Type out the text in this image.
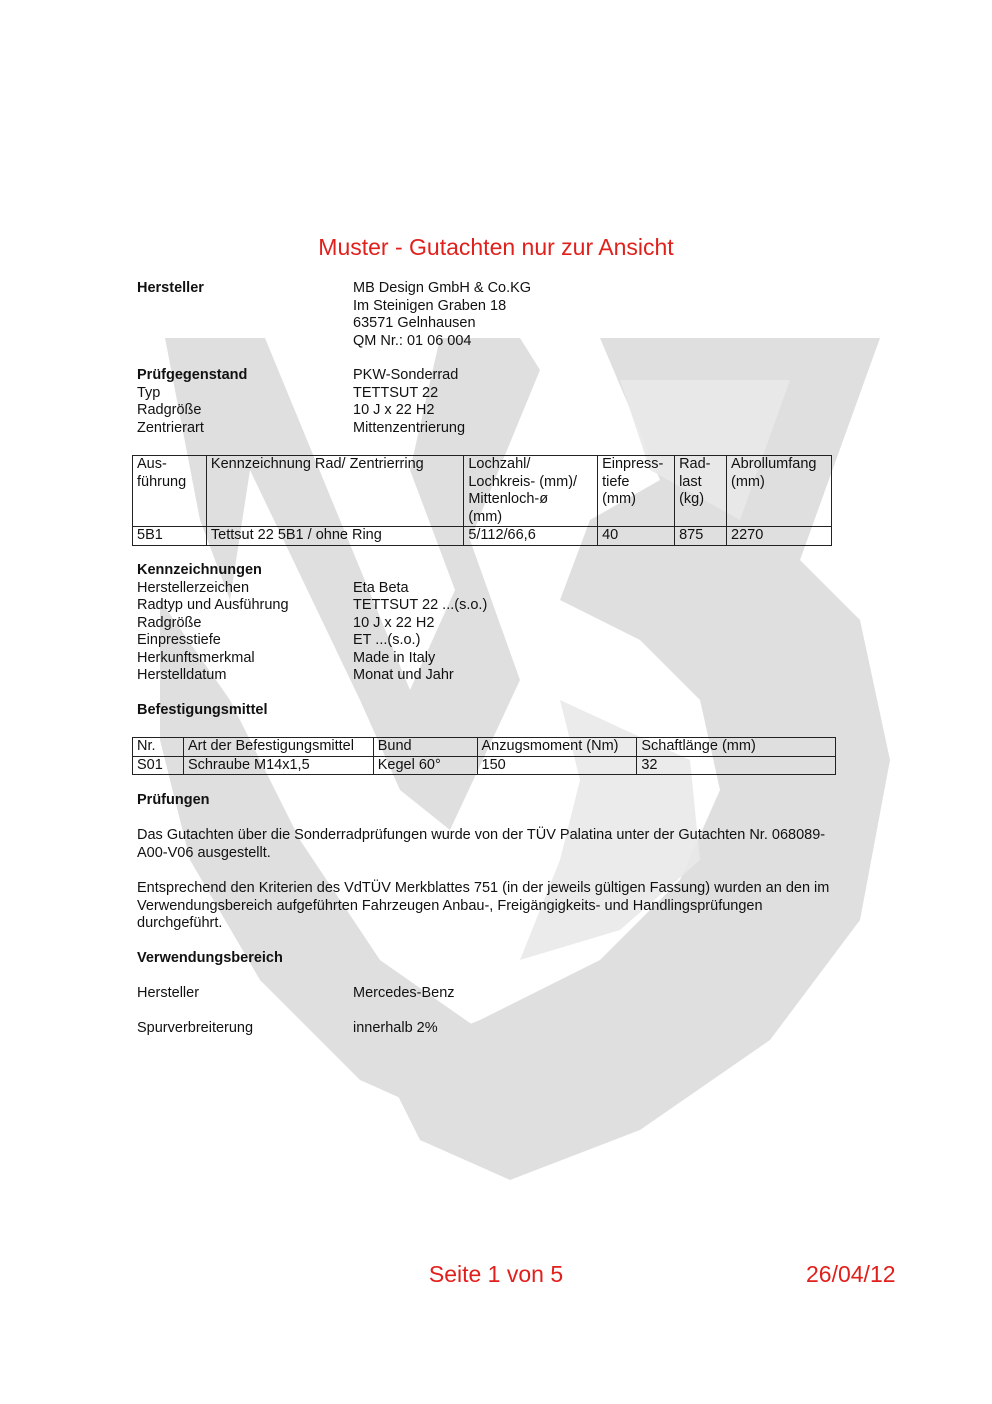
Muster - Gutachten nur zur Ansicht
Hersteller	MB Design GmbH & Co.KG
Im Steinigen Graben 18
63571 Gelnhausen
QM Nr.: 01 06 004
Prüfgegenstand	PKW-Sonderrad
Typ	TETTSUT 22
Radgröße	10 J x 22 H2
Zentrierart	Mittenzentrierung
Aus-
führung	Kennzeichnung Rad/ Zentrierring	Lochzahl/
Lochkreis- (mm)/
Mittenloch-ø
(mm)	Einpress-
tiefe
(mm)	Rad-
last
(kg)	Abrollumfang
(mm)
5B1	Tettsut 22 5B1 / ohne Ring	5/112/66,6	40	875	2270
Kennzeichnungen
Herstellerzeichen	Eta Beta
Radtyp und Ausführung	TETTSUT 22 ...(s.o.)
Radgröße	10 J x 22 H2
Einpresstiefe	ET ...(s.o.)
Herkunftsmerkmal	Made in Italy
Herstelldatum	Monat und Jahr
Befestigungsmittel
Nr.	Art der Befestigungsmittel	Bund	Anzugsmoment (Nm)	Schaftlänge (mm)
S01	Schraube M14x1,5	Kegel 60°	150	32
Prüfungen
Das Gutachten über die Sonderradprüfungen wurde von der TÜV Palatina unter der Gutachten Nr. 068089-A00-V06 ausgestellt.
Entsprechend den Kriterien des VdTÜV Merkblattes 751 (in der jeweils gültigen Fassung) wurden an den im Verwendungsbereich aufgeführten Fahrzeugen Anbau-, Freigängigkeits- und Handlingsprüfungen durchgeführt.
Verwendungsbereich
Hersteller	Mercedes-Benz
Spurverbreiterung	innerhalb 2%
Seite 1 von 5	26/04/12
